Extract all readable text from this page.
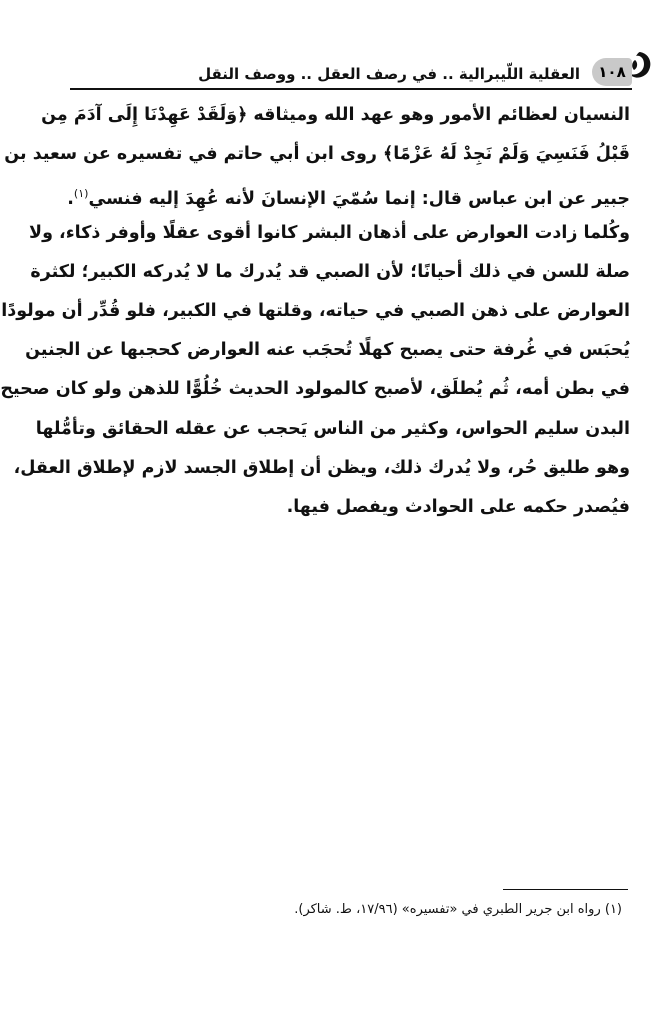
١٠٨
العقلية اللّيبرالية .. في رصف العقل .. ووصف النقل
النسيان لعظائم الأمور وهو عهد الله وميثاقه ﴿وَلَقَدْ عَهِدْنَا إِلَى آدَمَ مِن
قَبْلُ فَنَسِيَ وَلَمْ نَجِدْ لَهُ عَزْمًا﴾ روى ابن أبي حاتم في تفسيره عن سعيد بن
جبير عن ابن عباس قال: إنما سُمّيَ الإنسانَ لأنه عُهِدَ إليه فنسي$^{(١)}$.
وكُلما زادت العوارض على أذهان البشر كانوا أقوى عقلًا وأوفر ذكاء، ولا
صلة للسن في ذلك أحيانًا؛ لأن الصبي قد يُدرك ما لا يُدركه الكبير؛ لكثرة
العوارض على ذهن الصبي في حياته، وقلتها في الكبير، فلو قُدِّر أن مولودًا
يُحبَس في غُرفة حتى يصبح كهلًا تُحجَب عنه العوارض كحجبها عن الجنين
في بطن أمه، ثُم يُطلَق، لأصبح كالمولود الحديث خُلُوًّا للذهن ولو كان صحيح
البدن سليم الحواس، وكثير من الناس يَحجب عن عقله الحقائق وتأمُّلها
وهو طليق حُر، ولا يُدرك ذلك، ويظن أن إطلاق الجسد لازم لإطلاق العقل،
فيُصدر حكمه على الحوادث ويفصل فيها.
(١) رواه ابن جرير الطبري في «تفسيره» (١٧/٩٦، ط. شاكر).
